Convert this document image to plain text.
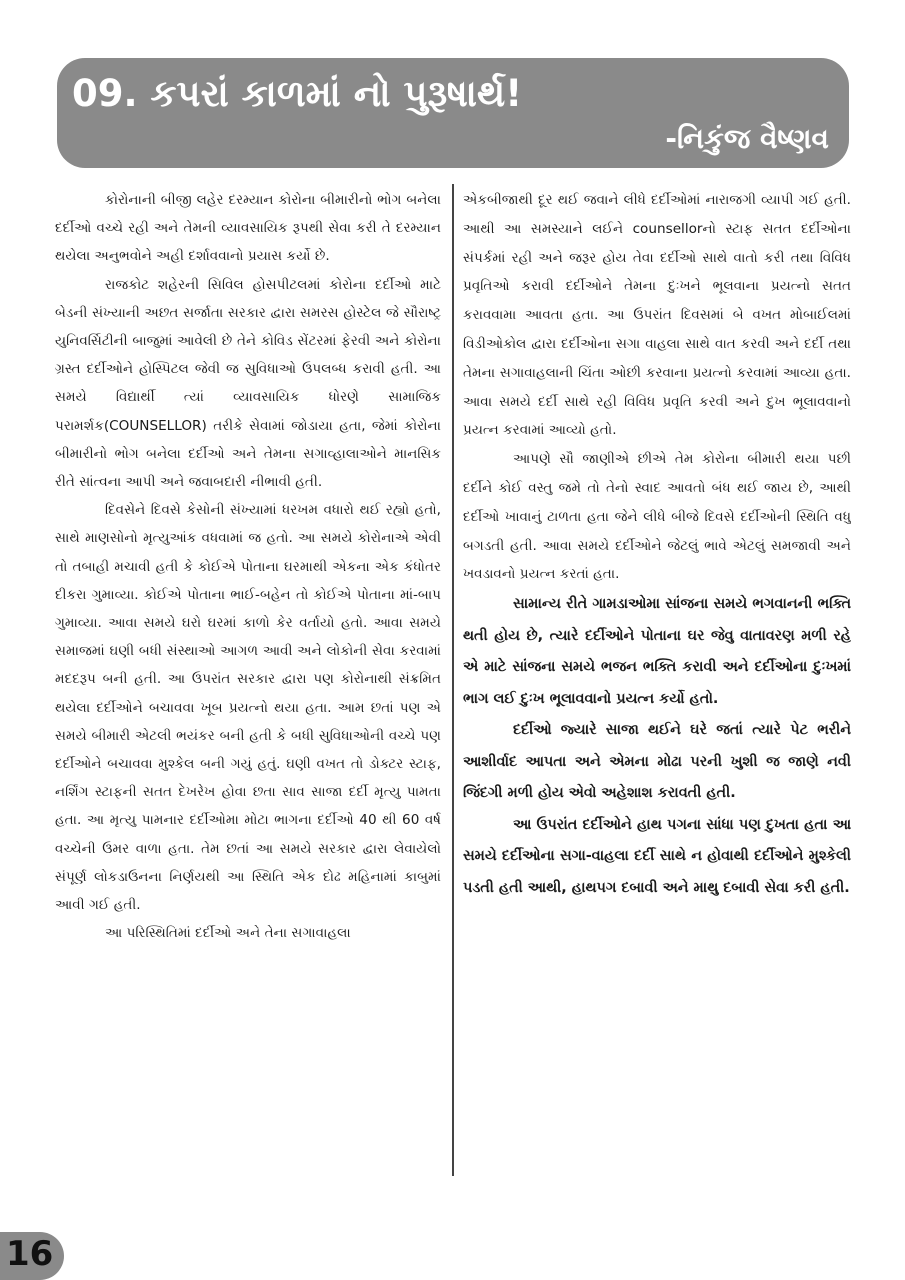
09. કપરાં કાળમાં નો પુરૂષાર્થ!
-નિકુંજ વૈષ્ણવ

કોરોનાની બીજી લહેર દરમ્યાન કોરોના બીમારીનો ભોગ બનેલા દર્દીઓ વચ્ચે રહી અને તેમની વ્યાવસાયિક રૂપથી સેવા કરી તે દરમ્યાન થયેલા અનુભવોને અહી દર્શાવવાનો પ્રયાસ કર્યો છે.

રાજકોટ શહેરની સિવિલ હોસપીટલમાં કોરોના દર્દીઓ માટે બેડની સંખ્યાની અછત સર્જાતા સરકાર દ્વારા સમરસ હોસ્ટેલ જે સૌરાષ્ટ્ર યુનિવર્સિટીની બાજુમાં આવેલી છે તેને કોવિડ સેંટરમાં ફેરવી અને કોરોના ગ્રસ્ત દર્દીઓને હોસ્પિટલ જેવી જ સુવિધાઓ ઉપલબ્ધ કરાવી હતી. આ સમયે વિદ્યાર્થી ત્યાં વ્યાવસાયિક ધોરણે સામાજિક પરામર્શક(COUNSELLOR) તરીકે સેવામાં જોડાયા હતા, જેમાં કોરોના બીમારીનો ભોગ બનેલા દર્દીઓ અને તેમના સગાવ્હાલાઓને માનસિક રીતે સાંત્વના આપી અને જવાબદારી નીભાવી હતી.

દિવસેને દિવસે કેસોની સંખ્યામાં ધરખમ વધારો થઈ રહ્યો હતો, સાથે માણસોનો મૃત્યુઆંક વધવામાં જ હતો. આ સમયે કોરોનાએ એવી તો તબાહી મચાવી હતી કે કોઈએ પોતાના ઘરમાથી એકના એક કંધોતર દીકરા ગુમાવ્યા. કોઈએ પોતાના ભાઈ-બહેન તો કોઈએ પોતાના માં-બાપ ગુમાવ્યા. આવા સમયે ઘરો ઘરમાં કાળો કેર વર્તાયો હતો. આવા સમયે સમાજમાં ઘણી બધી સંસ્થાઓ આગળ આવી અને લોકોની સેવા કરવામાં મદદરૂપ બની હતી. આ ઉપરાંત સરકાર દ્વારા પણ કોરોનાથી સંક્રમિત થયેલા દર્દીઓને બચાવવા ખૂબ પ્રયત્નો થયા હતા. આમ છતાં પણ એ સમયે બીમારી એટલી ભયંકર બની હતી કે બધી સુવિધાઓની વચ્ચે પણ દર્દીઓને બચાવવા મુશ્કેલ બની ગયું હતું. ઘણી વખત તો ડોક્ટર સ્ટાફ, નર્શિંગ સ્ટાફની સતત દેખરેખ હોવા છતા સાવ સાજા દર્દી મૃત્યુ પામતા હતા. આ મૃત્યુ પામનાર દર્દીઓમા મોટા ભાગના દર્દીઓ 40 થી 60 વર્ષ વચ્ચેની ઉમર વાળા હતા. તેમ છતાં આ સમયે સરકાર દ્વારા લેવાયેલો સંપૂર્ણ લોકડાઉનના નિર્ણયથી આ સ્થિતિ એક દોઢ મહિનામાં કાબુમાં આવી ગઈ હતી.

આ પરિસ્થિતિમાં દર્દીઓ અને તેના સગાવાહલા

એકબીજાથી દૂર થઈ જવાને લીધે દર્દીઓમાં નારાજગી વ્યાપી ગઈ હતી. આથી આ સમસ્યાને લઈને counsellorનો સ્ટાફ સતત દર્દીઓના સંપર્કમાં રહી અને જરૂર હોય તેવા દર્દીઓ સાથે વાતો કરી તથા વિવિધ પ્રવૃતિઓ કરાવી દર્દીઓને તેમના દુઃખને ભૂલવાના પ્રયત્નો સતત કરાવવામા આવતા હતા. આ ઉપરાંત દિવસમાં બે વખત મોબાઈલમાં વિડીઓકોલ દ્વારા દર્દીઓના સગા વાહલા સાથે વાત કરવી અને દર્દી તથા તેમના સગાવાહલાની ચિંતા ઓછી કરવાના પ્રયત્નો કરવામાં આવ્યા હતા. આવા સમયે દર્દી સાથે રહી વિવિધ પ્રવૃતિ કરવી અને દુખ ભૂલાવવાનો પ્રયત્ન કરવામાં આવ્યો હતો.

આપણે સૌ જાણીએ છીએ તેમ કોરોના બીમારી થયા પછી દર્દીને કોઈ વસ્તુ જમે તો તેનો સ્વાદ આવતો બંધ થઈ જાય છે, આથી દર્દીઓ ખાવાનું ટાળતા હતા જેને લીધે બીજે દિવસે દર્દીઓની સ્થિતિ વધુ બગડતી હતી. આવા સમયે દર્દીઓને જેટલું ભાવે એટલું સમજાવી અને ખવડાવનો પ્રયત્ન કરતાં હતા.

સામાન્ય રીતે ગામડાઓમા સાંજના સમયે ભગવાનની ભક્તિ થતી હોય છે, ત્યારે દર્દીઓને પોતાના ઘર જેવુ વાતાવરણ મળી રહે એ માટે સાંજના સમયે ભજન ભક્તિ કરાવી અને દર્દીઓના દુઃખમાં ભાગ લઈ દુઃખ ભૂલાવવાનો પ્રયત્ન કર્યો હતો.

દર્દીઓ જ્યારે સાજા થઈને ઘરે જતાં ત્યારે પેટ ભરીને આશીર્વાદ આપતા અને એમના મોઢા પરની ખુશી જ જાણે નવી જિંદગી મળી હોય એવો અહેશાશ કરાવતી હતી.

આ ઉપરાંત દર્દીઓને હાથ પગના સાંધા પણ દુખતા હતા આ સમયે દર્દીઓના સગા-વાહલા દર્દી સાથે ન હોવાથી દર્દીઓને મુશ્કેલી પડતી હતી આથી, હાથપગ દબાવી અને માથુ દબાવી સેવા કરી હતી.

16
